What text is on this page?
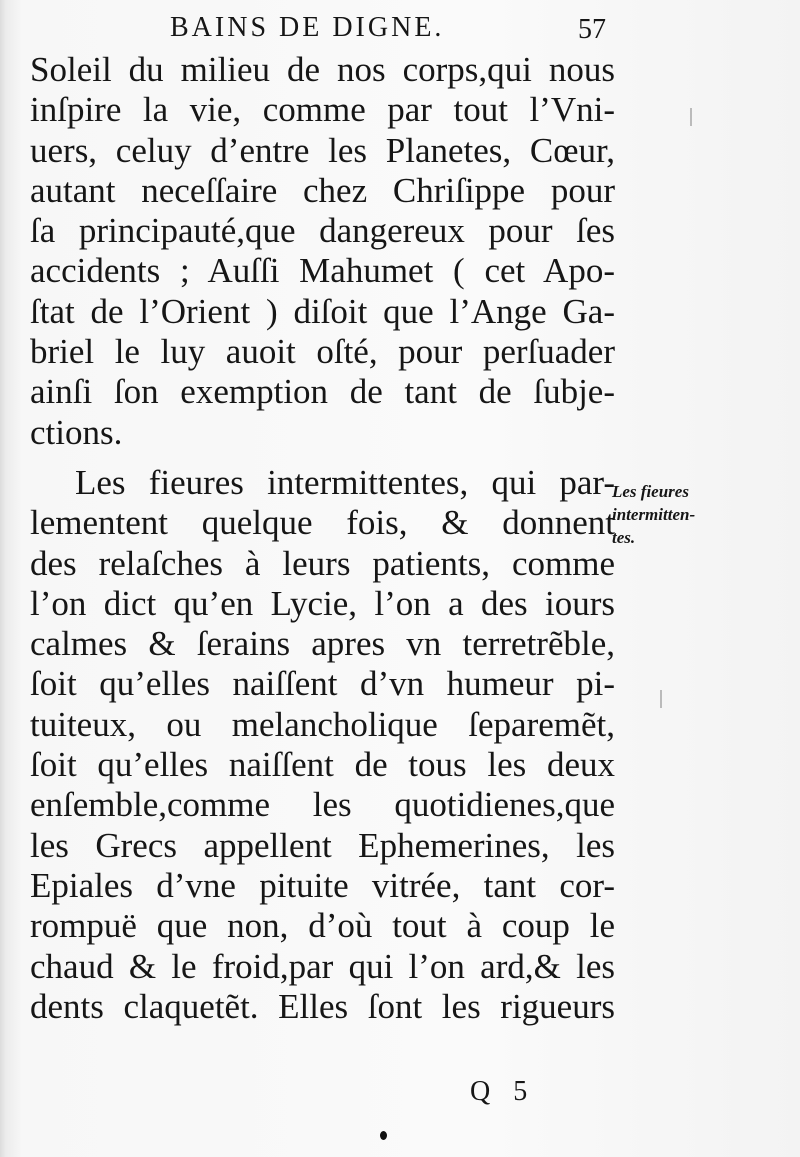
BAINS DE DIGNE.	57
Soleil du milieu de nos corps,qui nous
inſpire la vie, comme par tout l’Vni-
uers, celuy d’entre les Planetes, Cœur,
autant neceſſaire chez Chriſippe pour
ſa principauté,que dangereux pour ſes
accidents ; Auſſi Mahumet ( cet Apo-
ſtat de l’Orient ) diſoit que l’Ange Ga-
briel le luy auoit oſté, pour perſuader
ainſi ſon exemption de tant de ſubje-
ctions.
Les fieures intermittentes, qui par-
lementent quelque fois, & donnent
des relaſches à leurs patients, comme
l’on dict qu’en Lycie, l’on a des iours
calmes & ſerains apres vn terretrẽble,
ſoit qu’elles naiſſent d’vn humeur pi-
tuiteux, ou melancholique ſeparemẽt,
ſoit qu’elles naiſſent de tous les deux
enſemble,comme les quotidienes,que
les Grecs appellent Ephemerines, les
Epiales d’vne pituite vitrée, tant cor-
rompuë que non, d’où tout à coup le
chaud & le froid,par qui l’on ard,& les
dents claquetẽt. Elles ſont les rigueurs
Les fieures
intermitten-
tes.
Q 5
